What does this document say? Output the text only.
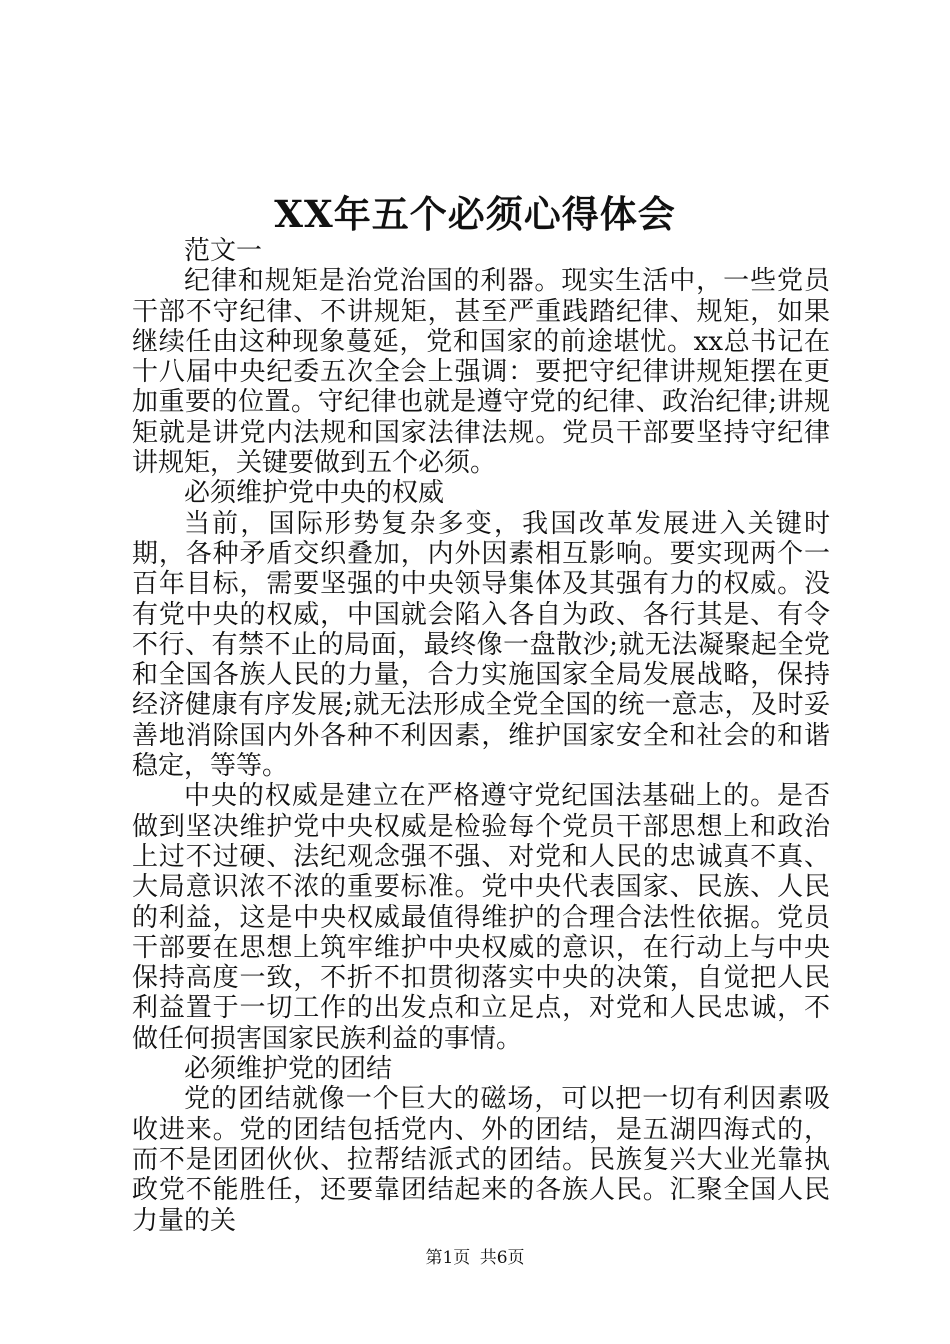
XX年五个必须心得体会

范文一

纪律和规矩是治党治国的利器。现实生活中，一些党员干部不守纪律、不讲规矩，甚至严重践踏纪律、规矩，如果继续任由这种现象蔓延，党和国家的前途堪忧。xx总书记在十八届中央纪委五次全会上强调：要把守纪律讲规矩摆在更加重要的位置。守纪律也就是遵守党的纪律、政治纪律;讲规矩就是讲党内法规和国家法律法规。党员干部要坚持守纪律讲规矩，关键要做到五个必须。

必须维护党中央的权威

当前，国际形势复杂多变，我国改革发展进入关键时期，各种矛盾交织叠加，内外因素相互影响。要实现两个一百年目标，需要坚强的中央领导集体及其强有力的权威。没有党中央的权威，中国就会陷入各自为政、各行其是、有令不行、有禁不止的局面，最终像一盘散沙;就无法凝聚起全党和全国各族人民的力量，合力实施国家全局发展战略，保持经济健康有序发展;就无法形成全党全国的统一意志，及时妥善地消除国内外各种不利因素，维护国家安全和社会的和谐稳定，等等。

中央的权威是建立在严格遵守党纪国法基础上的。是否做到坚决维护党中央权威是检验每个党员干部思想上和政治上过不过硬、法纪观念强不强、对党和人民的忠诚真不真、大局意识浓不浓的重要标准。党中央代表国家、民族、人民的利益，这是中央权威最值得维护的合理合法性依据。党员干部要在思想上筑牢维护中央权威的意识，在行动上与中央保持高度一致，不折不扣贯彻落实中央的决策，自觉把人民利益置于一切工作的出发点和立足点，对党和人民忠诚，不做任何损害国家民族利益的事情。

必须维护党的团结

党的团结就像一个巨大的磁场，可以把一切有利因素吸收进来。党的团结包括党内、外的团结，是五湖四海式的，而不是团团伙伙、拉帮结派式的团结。民族复兴大业光靠执政党不能胜任，还要靠团结起来的各族人民。汇聚全国人民力量的关

第1页 共6页
